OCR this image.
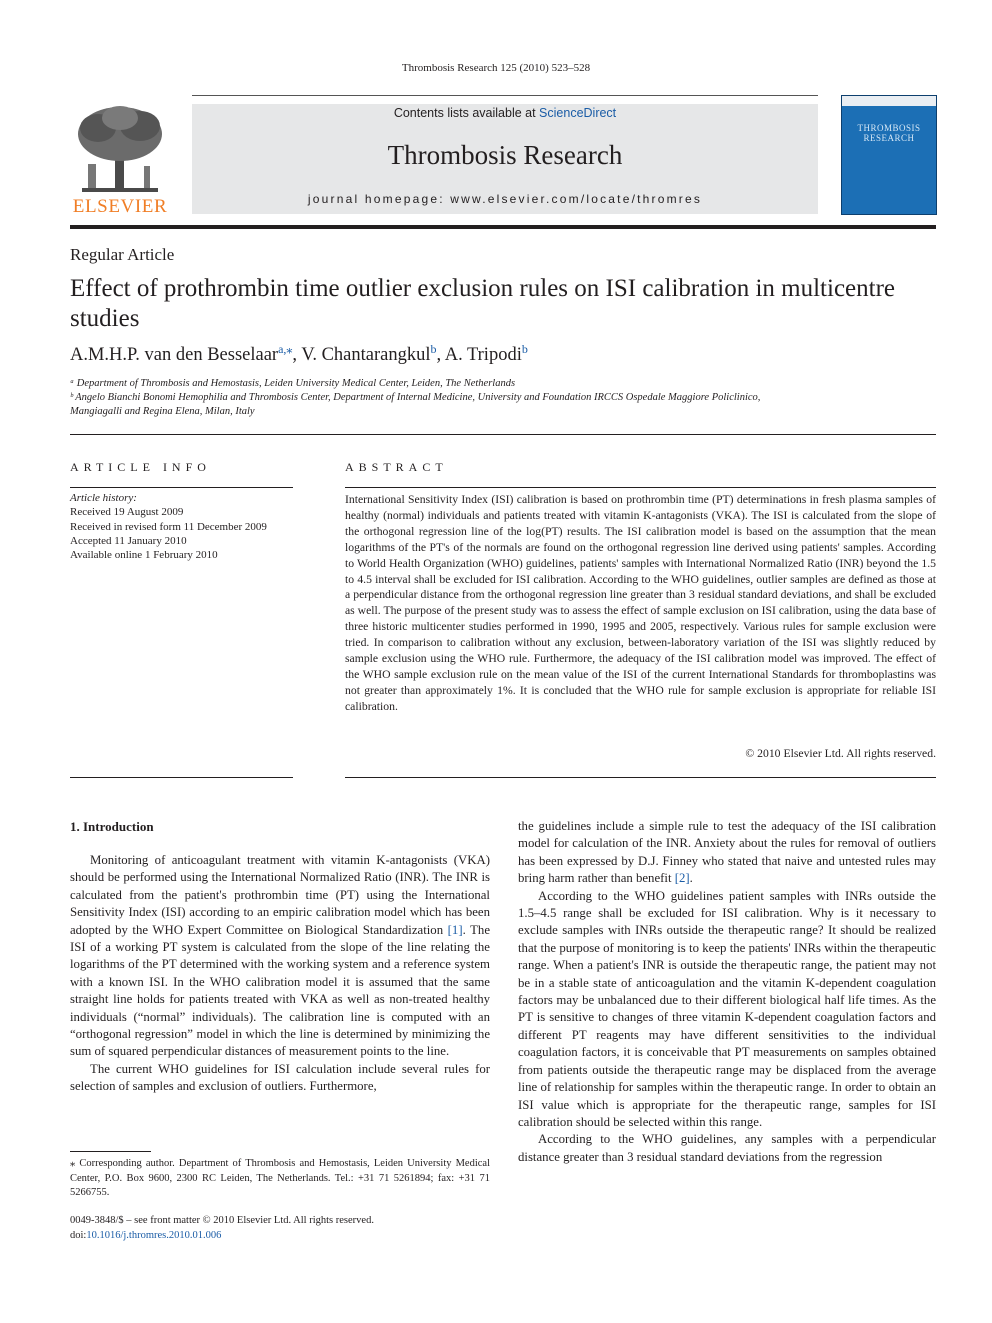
Thrombosis Research 125 (2010) 523–528
ELSEVIER
Contents lists available at ScienceDirect
Thrombosis Research
journal homepage: www.elsevier.com/locate/thromres
THROMBOSIS
RESEARCH
Regular Article
Effect of prothrombin time outlier exclusion rules on ISI calibration in multicentre studies
A.M.H.P. van den Besselaar$^{a,⁎}$, V. Chantarangkul$^b$, A. Tripodi$^b$
ᵃ Department of Thrombosis and Hemostasis, Leiden University Medical Center, Leiden, The Netherlands
ᵇ Angelo Bianchi Bonomi Hemophilia and Thrombosis Center, Department of Internal Medicine, University and Foundation IRCCS Ospedale Maggiore Policlinico,
Mangiagalli and Regina Elena, Milan, Italy
ARTICLE INFO
Article history:
Received 19 August 2009
Received in revised form 11 December 2009
Accepted 11 January 2010
Available online 1 February 2010
ABSTRACT
International Sensitivity Index (ISI) calibration is based on prothrombin time (PT) determinations in fresh plasma samples of healthy (normal) individuals and patients treated with vitamin K-antagonists (VKA). The ISI is calculated from the slope of the orthogonal regression line of the log(PT) results. The ISI calibration model is based on the assumption that the mean logarithms of the PT's of the normals are found on the orthogonal regression line derived using patients' samples. According to World Health Organization (WHO) guidelines, patients' samples with International Normalized Ratio (INR) beyond the 1.5 to 4.5 interval shall be excluded for ISI calibration. According to the WHO guidelines, outlier samples are defined as those at a perpendicular distance from the orthogonal regression line greater than 3 residual standard deviations, and shall be excluded as well. The purpose of the present study was to assess the effect of sample exclusion on ISI calibration, using the data base of three historic multicenter studies performed in 1990, 1995 and 2005, respectively. Various rules for sample exclusion were tried. In comparison to calibration without any exclusion, between-laboratory variation of the ISI was slightly reduced by sample exclusion using the WHO rule. Furthermore, the adequacy of the ISI calibration model was improved. The effect of the WHO sample exclusion rule on the mean value of the ISI of the current International Standards for thromboplastins was not greater than approximately 1%. It is concluded that the WHO rule for sample exclusion is appropriate for reliable ISI calibration.
© 2010 Elsevier Ltd. All rights reserved.
1. Introduction

Monitoring of anticoagulant treatment with vitamin K-antagonists (VKA) should be performed using the International Normalized Ratio (INR). The INR is calculated from the patient's prothrombin time (PT) using the International Sensitivity Index (ISI) according to an empiric calibration model which has been adopted by the WHO Expert Committee on Biological Standardization [1]. The ISI of a working PT system is calculated from the slope of the line relating the logarithms of the PT determined with the working system and a reference system with a known ISI. In the WHO calibration model it is assumed that the same straight line holds for patients treated with VKA as well as non-treated healthy individuals (“normal” individuals). The calibration line is computed with an “orthogonal regression” model in which the line is determined by minimizing the sum of squared perpendicular distances of measurement points to the line.

The current WHO guidelines for ISI calculation include several rules for selection of samples and exclusion of outliers. Furthermore,

⁎ Corresponding author. Department of Thrombosis and Hemostasis, Leiden University Medical Center, P.O. Box 9600, 2300 RC Leiden, The Netherlands. Tel.: +31 71 5261894; fax: +31 71 5266755.
0049-3848/$ – see front matter © 2010 Elsevier Ltd. All rights reserved.
doi:10.1016/j.thromres.2010.01.006

the guidelines include a simple rule to test the adequacy of the ISI calibration model for calculation of the INR. Anxiety about the rules for removal of outliers has been expressed by D.J. Finney who stated that naive and untested rules may bring harm rather than benefit [2].

According to the WHO guidelines patient samples with INRs outside the 1.5–4.5 range shall be excluded for ISI calibration. Why is it necessary to exclude samples with INRs outside the therapeutic range? It should be realized that the purpose of monitoring is to keep the patients' INRs within the therapeutic range. When a patient's INR is outside the therapeutic range, the patient may not be in a stable state of anticoagulation and the vitamin K-dependent coagulation factors may be unbalanced due to their different biological half life times. As the PT is sensitive to changes of three vitamin K-dependent coagulation factors and different PT reagents may have different sensitivities to the individual coagulation factors, it is conceivable that PT measurements on samples obtained from patients outside the therapeutic range may be displaced from the average line of relationship for samples within the therapeutic range. In order to obtain an ISI value which is appropriate for the therapeutic range, samples for ISI calibration should be selected within this range.

According to the WHO guidelines, any samples with a perpendicular distance greater than 3 residual standard deviations from the regression
